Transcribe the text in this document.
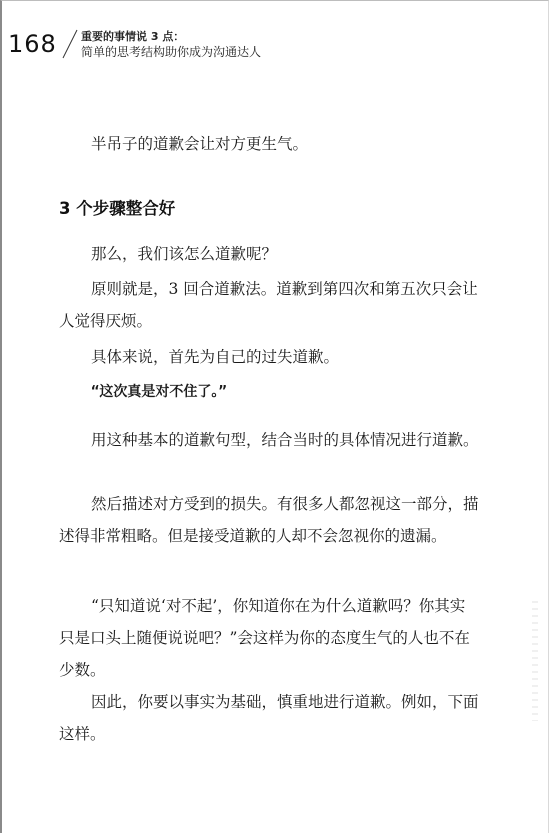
168 重要的事情说 3 点：
简单的思考结构助你成为沟通达人

半吊子的道歉会让对方更生气。

3 个步骤整合好

那么，我们该怎么道歉呢？

原则就是，3 回合道歉法。道歉到第四次和第五次只会让人觉得厌烦。

具体来说，首先为自己的过失道歉。

“这次真是对不住了。”

用这种基本的道歉句型，结合当时的具体情况进行道歉。

然后描述对方受到的损失。有很多人都忽视这一部分，描述得非常粗略。但是接受道歉的人却不会忽视你的遗漏。

“只知道说‘对不起’，你知道你在为什么道歉吗？你其实只是口头上随便说说吧？”会这样为你的态度生气的人也不在少数。

因此，你要以事实为基础，慎重地进行道歉。例如，下面这样。
